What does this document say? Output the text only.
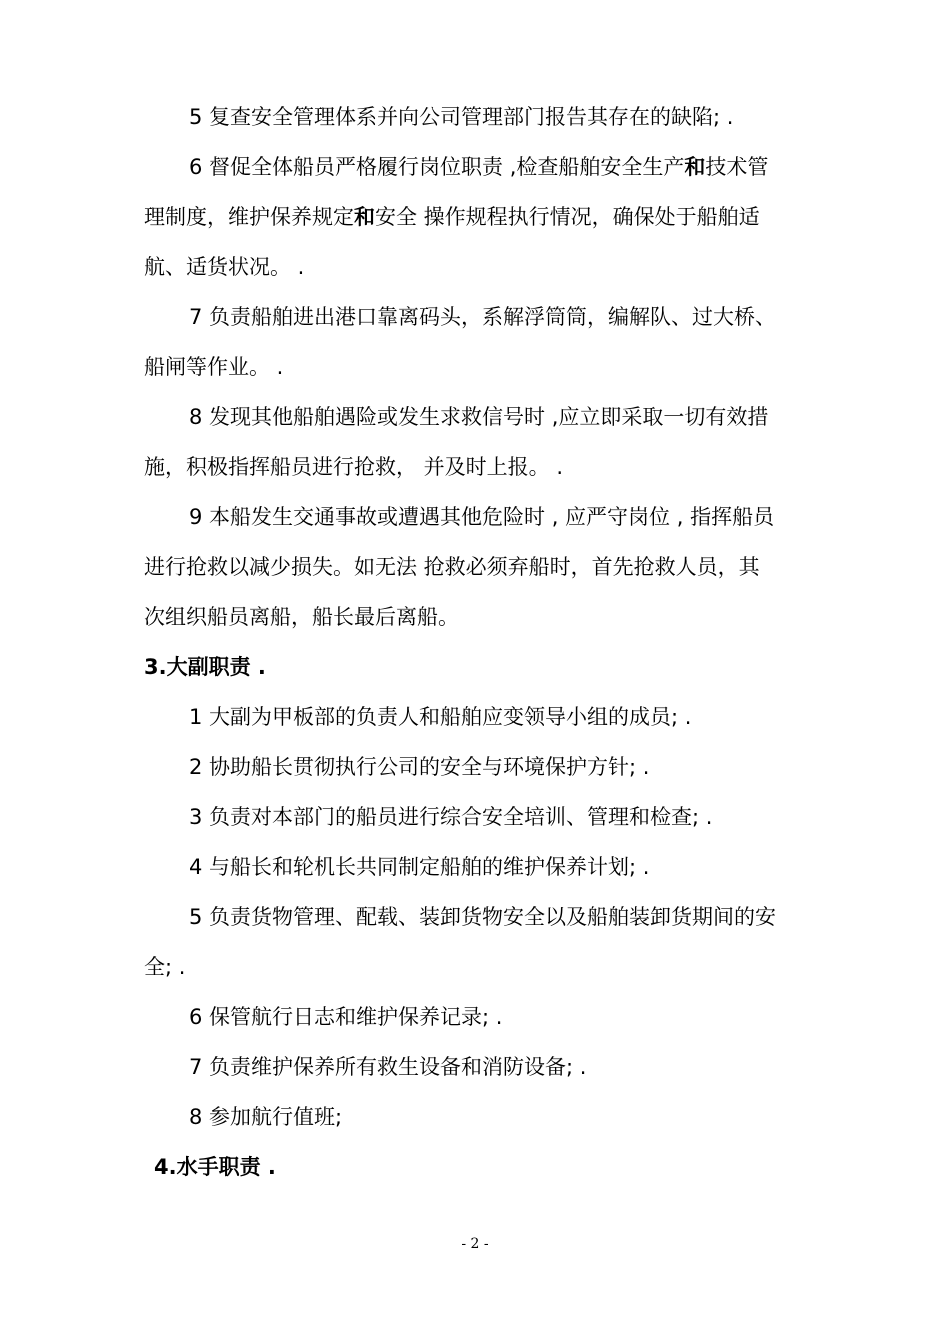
5 复查安全管理体系并向公司管理部门报告其存在的缺陷; .
6 督促全体船员严格履行岗位职责 ,检查船舶安全生产和技术管
理制度，维护保养规定和安全 操作规程执行情况，确保处于船舶适
航、适货状况。 .
7 负责船舶进出港口靠离码头，系解浮筒筒，编解队、过大桥、
船闸等作业。 .
8 发现其他船舶遇险或发生求救信号时 ,应立即采取一切有效措
施，积极指挥船员进行抢救， 并及时上报。 .
9 本船发生交通事故或遭遇其他危险时 , 应严守岗位 , 指挥船员
进行抢救以减少损失。如无法 抢救必须弃船时，首先抢救人员，其
次组织船员离船，船长最后离船。
3.大副职责 .
1 大副为甲板部的负责人和船舶应变领导小组的成员; .
2 协助船长贯彻执行公司的安全与环境保护方针; .
3 负责对本部门的船员进行综合安全培训、管理和检查; .
4 与船长和轮机长共同制定船舶的维护保养计划; .
5 负责货物管理、配载、装卸货物安全以及船舶装卸货期间的安
全; .
6 保管航行日志和维护保养记录; .
7 负责维护保养所有救生设备和消防设备; .
8 参加航行值班;
4.水手职责 .
- 2 -
